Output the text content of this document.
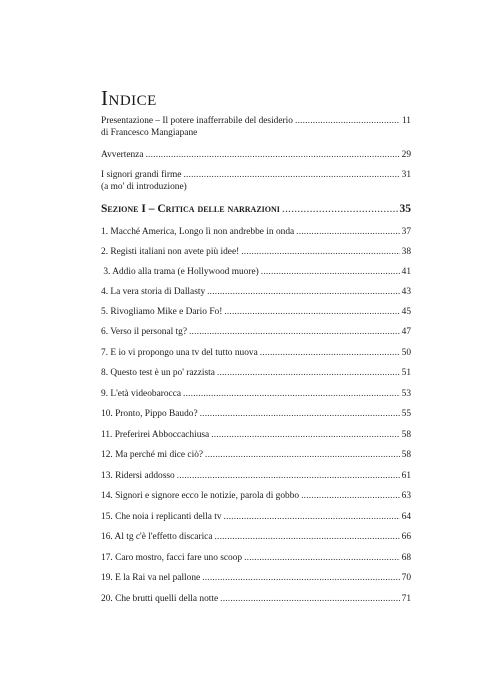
Indice
Presentazione – Il potere inafferrabile del desiderio .....	11
di Francesco Mangiapane
Avvertenza .....	29
I signori grandi firme .....	31
(a mo' di introduzione)
Sezione I – Critica delle narrazioni .....	35
1. Macché America, Longo lì non andrebbe in onda .....	37
2. Registi italiani non avete più idee! .....	38
3. Addio alla trama (e Hollywood muore) .....	41
4. La vera storia di Dallasty .....	43
5. Rivogliamo Mike e Dario Fo! .....	45
6. Verso il personal tg? .....	47
7. E io vi propongo una tv del tutto nuova .....	50
8. Questo test è un po' razzista .....	51
9. L'età videobarocca .....	53
10. Pronto, Pippo Baudo? .....	55
11. Preferirei Abboccachiusa .....	58
12. Ma perché mi dice ciò? .....	58
13. Ridersi addosso .....	61
14. Signori e signore ecco le notizie, parola di gobbo .....	63
15. Che noia i replicanti della tv .....	64
16. Al tg c'è l'effetto discarica .....	66
17. Caro mostro, facci fare uno scoop .....	68
19. E la Rai va nel pallone .....	70
20. Che brutti quelli della notte .....	71
